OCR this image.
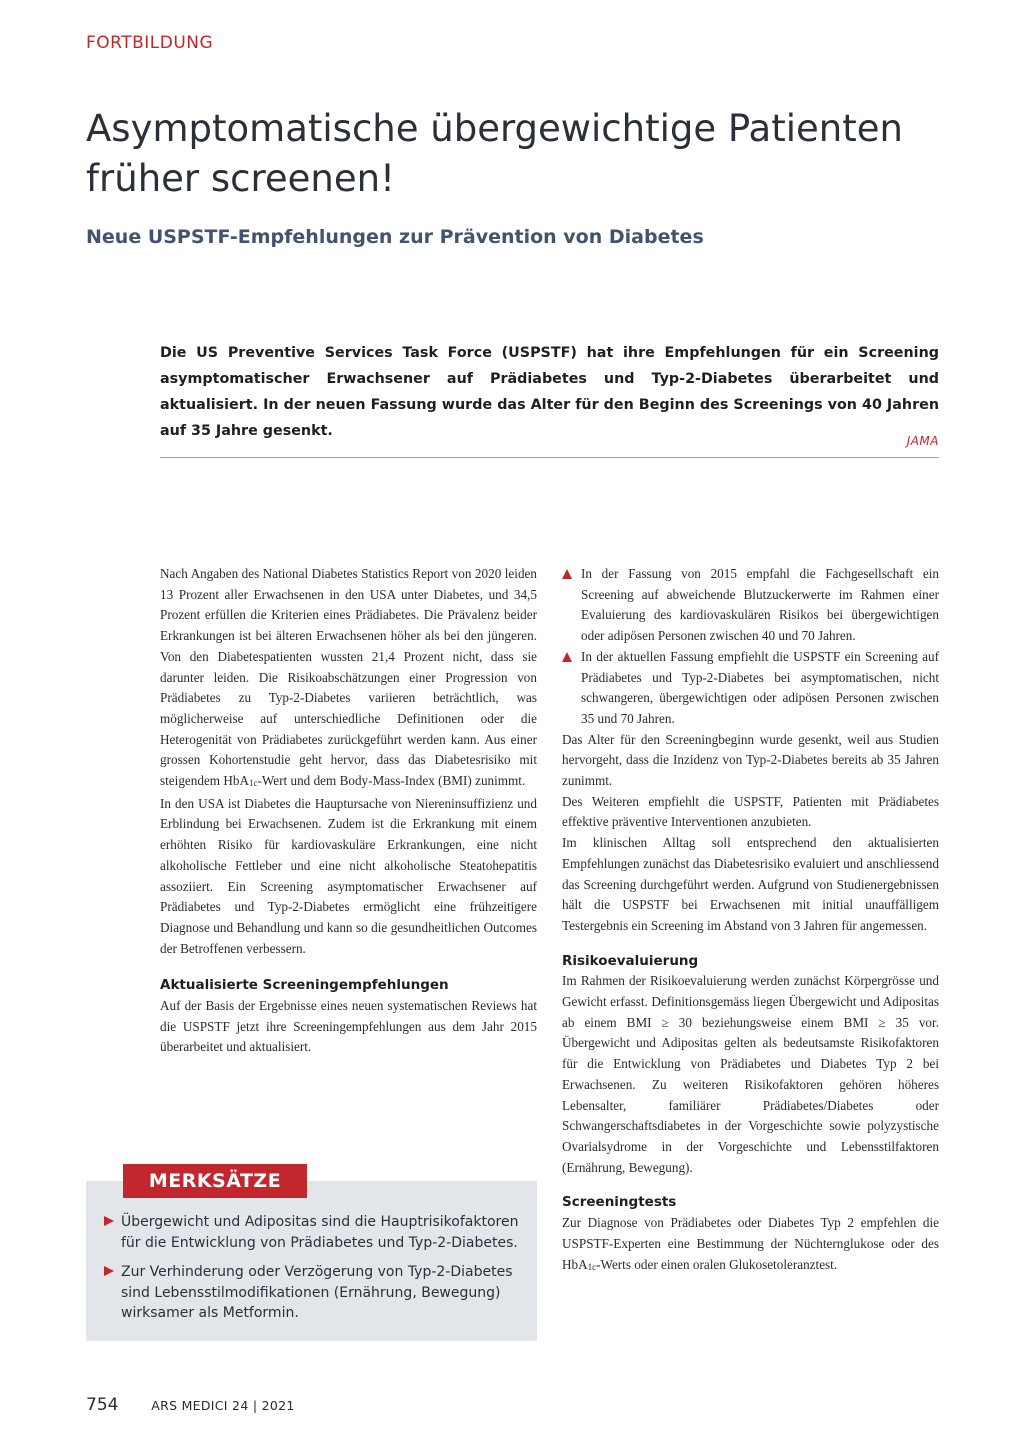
FORTBILDUNG
Asymptomatische übergewichtige Patienten
früher screenen!
Neue USPSTF-Empfehlungen zur Prävention von Diabetes

Die US Preventive Services Task Force (USPSTF) hat ihre Empfehlungen für ein Screening asymptomatischer Erwachsener auf Prädiabetes und Typ-2-Diabetes überarbeitet und aktualisiert. In der neuen Fassung wurde das Alter für den Beginn des Screenings von 40 Jahren auf 35 Jahre gesenkt.

JAMA

Nach Angaben des National Diabetes Statistics Report von 2020 leiden 13 Prozent aller Erwachsenen in den USA unter Diabetes, und 34,5 Prozent erfüllen die Kriterien eines Prädiabetes. Die Prävalenz beider Erkrankungen ist bei älteren Erwachsenen höher als bei den jüngeren. Von den Diabetespatienten wussten 21,4 Prozent nicht, dass sie darunter leiden. Die Risikoabschätzungen einer Progression von Prädiabetes zu Typ-2-Diabetes variieren beträchtlich, was möglicherweise auf unterschiedliche Definitionen oder die Heterogenität von Prädiabetes zurückgeführt werden kann. Aus einer grossen Kohortenstudie geht hervor, dass das Diabetesrisiko mit steigendem HbA$_{1c}$-Wert und dem Body-Mass-Index (BMI) zunimmt.

In den USA ist Diabetes die Hauptursache von Niereninsuffizienz und Erblindung bei Erwachsenen. Zudem ist die Erkrankung mit einem erhöhten Risiko für kardiovaskuläre Erkrankungen, eine nicht alkoholische Fettleber und eine nicht alkoholische Steatohepatitis assoziiert. Ein Screening asymptomatischer Erwachsener auf Prädiabetes und Typ-2-Diabetes ermöglicht eine frühzeitigere Diagnose und Behandlung und kann so die gesundheitlichen Outcomes der Betroffenen verbessern.

Aktualisierte Screeningempfehlungen

Auf der Basis der Ergebnisse eines neuen systematischen Reviews hat die USPSTF jetzt ihre Screeningempfehlungen aus dem Jahr 2015 überarbeitet und aktualisiert.

MERKSÄTZE
Übergewicht und Adipositas sind die Hauptrisikofaktoren für die Entwicklung von Prädiabetes und Typ-2-Diabetes.
Zur Verhinderung oder Verzögerung von Typ-2-Diabetes sind Lebensstilmodifikationen (Ernährung, Bewegung) wirksamer als Metformin.
In der Fassung von 2015 empfahl die Fachgesellschaft ein Screening auf abweichende Blutzuckerwerte im Rahmen einer Evaluierung des kardiovaskulären Risikos bei übergewichtigen oder adipösen Personen zwischen 40 und 70 Jahren.
In der aktuellen Fassung empfiehlt die USPSTF ein Screening auf Prädiabetes und Typ-2-Diabetes bei asymptomatischen, nicht schwangeren, übergewichtigen oder adipösen Personen zwischen 35 und 70 Jahren.

Das Alter für den Screeningbeginn wurde gesenkt, weil aus Studien hervorgeht, dass die Inzidenz von Typ-2-Diabetes bereits ab 35 Jahren zunimmt.

Des Weiteren empfiehlt die USPSTF, Patienten mit Prädiabetes effektive präventive Interventionen anzubieten.

Im klinischen Alltag soll entsprechend den aktualisierten Empfehlungen zunächst das Diabetesrisiko evaluiert und anschliessend das Screening durchgeführt werden. Aufgrund von Studienergebnissen hält die USPSTF bei Erwachsenen mit initial unauffälligem Testergebnis ein Screening im Abstand von 3 Jahren für angemessen.

Risikoevaluierung

Im Rahmen der Risikoevaluierung werden zunächst Körpergrösse und Gewicht erfasst. Definitionsgemäss liegen Übergewicht und Adipositas ab einem BMI ≥ 30 beziehungsweise einem BMI ≥ 35 vor. Übergewicht und Adipositas gelten als bedeutsamste Risikofaktoren für die Entwicklung von Prädiabetes und Diabetes Typ 2 bei Erwachsenen. Zu weiteren Risikofaktoren gehören höheres Lebensalter, familiärer Prädiabetes/Diabetes oder Schwangerschaftsdiabetes in der Vorgeschichte sowie polyzystische Ovarialsydrome in der Vorgeschichte und Lebensstilfaktoren (Ernährung, Bewegung).

Screeningtests

Zur Diagnose von Prädiabetes oder Diabetes Typ 2 empfehlen die USPSTF-Experten eine Bestimmung der Nüchternglukose oder des HbA$_{1c}$-Werts oder einen oralen Glukosetoleranztest.

754	ARS MEDICI 24 | 2021
